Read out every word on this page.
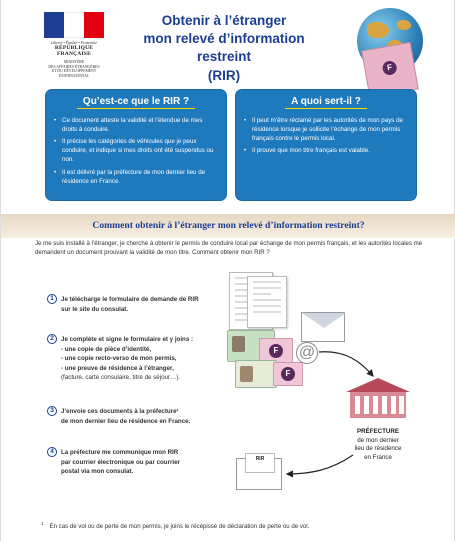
Liberté • Égalité • Fraternité
RÉPUBLIQUE FRANÇAISE
MINISTÈRE
DES AFFAIRES ÉTRANGÈRES
ET DU DÉVELOPPEMENT
INTERNATIONAL
Obtenir à l’étranger
mon relevé d’information restreint
(RIR)
F
Qu’est-ce que le RIR ?
• Ce document atteste la validité et l’étendue de mes droits à conduire.
• Il précise les catégories de véhicules que je peux conduire, et indique si mes droits ont été suspendus ou non.
• Il est délivré par la préfecture de mon dernier lieu de résidence en France.
A quoi sert-il ?
• Il peut m’être réclamé par les autorités de mon pays de résidence lorsque je sollicite l’échange de mon permis français contre le permis local.
• Il prouve que mon titre français est valable.
Comment obtenir à l’étranger mon relevé d’information restreint?
Je me suis installé à l’étranger, je cherche à obtenir le permis de conduire local par échange de mon permis français, et les autorités locales me demandent un document prouvant la validité de mon titre. Comment obtenir mon RIR ?
1	Je télécharge le formulaire de demande de RIR
sur le site du consulat.
2	Je complète et signe le formulaire et y joins :
- une copie de pièce d’identité,
- une copie recto-verso de mon permis,
- une preuve de résidence à l’étranger,
(facture, carte consulaire, titre de séjour…).
3	J’envoie ces documents à la préfecture¹
de mon dernier lieu de résidence en France.
4	La préfecture me communique mon RIR
par courrier électronique ou par courrier
postal via mon consulat.
F
F
@
PRÉFECTURE
de mon dernier
lieu de résidence
en France
RIR
$^1$ En cas de vol ou de perte de mon permis, je joins le récépissé de déclaration de perte ou de vol.
